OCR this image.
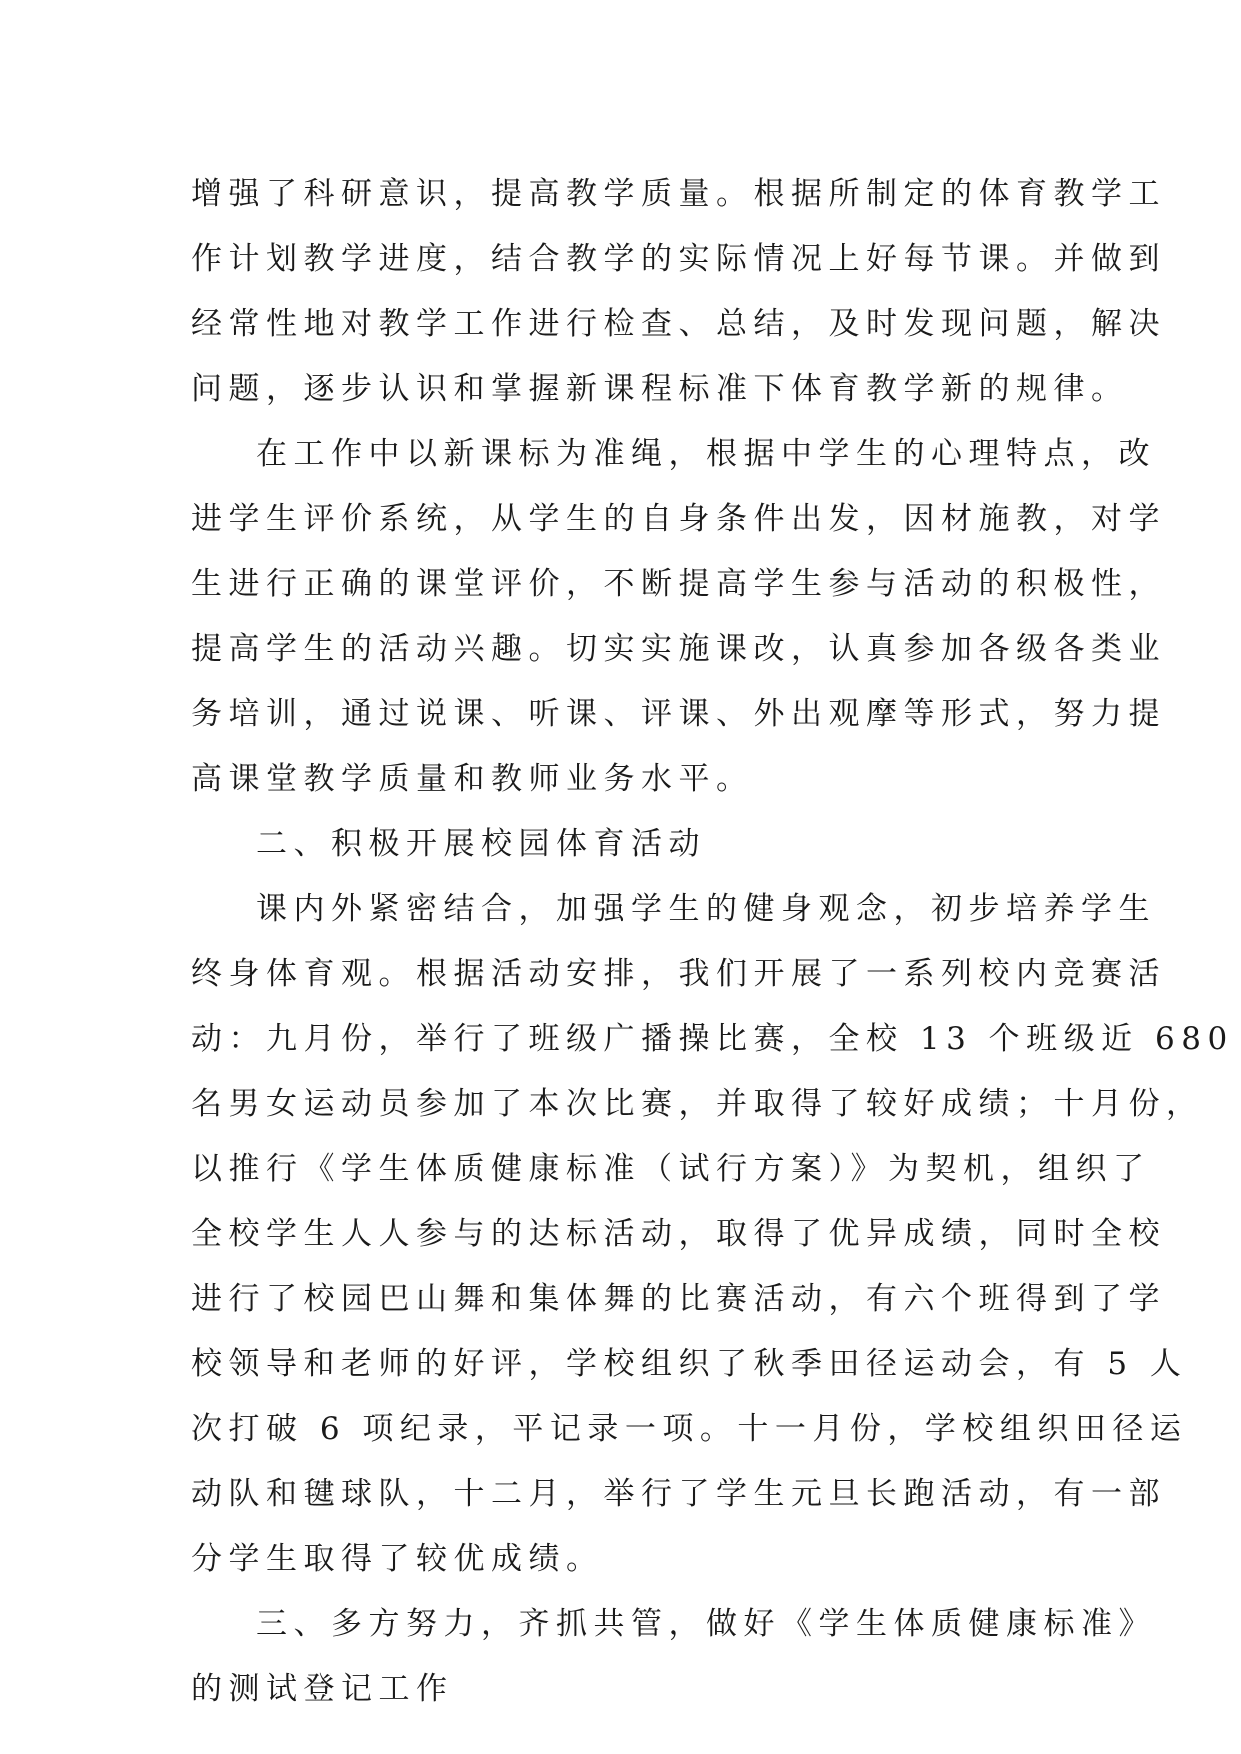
增强了科研意识，提高教学质量。根据所制定的体育教学工
作计划教学进度，结合教学的实际情况上好每节课。并做到
经常性地对教学工作进行检查、总结，及时发现问题，解决
问题，逐步认识和掌握新课程标准下体育教学新的规律。
在工作中以新课标为准绳，根据中学生的心理特点，改
进学生评价系统，从学生的自身条件出发，因材施教，对学
生进行正确的课堂评价，不断提高学生参与活动的积极性，
提高学生的活动兴趣。切实实施课改，认真参加各级各类业
务培训，通过说课、听课、评课、外出观摩等形式，努力提
高课堂教学质量和教师业务水平。
二、积极开展校园体育活动
课内外紧密结合，加强学生的健身观念，初步培养学生
终身体育观。根据活动安排，我们开展了一系列校内竞赛活
动：九月份，举行了班级广播操比赛，全校 13 个班级近 680
名男女运动员参加了本次比赛，并取得了较好成绩；十月份，
以推行《学生体质健康标准（试行方案）》为契机，组织了
全校学生人人参与的达标活动，取得了优异成绩，同时全校
进行了校园巴山舞和集体舞的比赛活动，有六个班得到了学
校领导和老师的好评，学校组织了秋季田径运动会，有 5 人
次打破 6 项纪录，平记录一项。十一月份，学校组织田径运
动队和毽球队，十二月，举行了学生元旦长跑活动，有一部
分学生取得了较优成绩。
三、多方努力，齐抓共管，做好《学生体质健康标准》
的测试登记工作
